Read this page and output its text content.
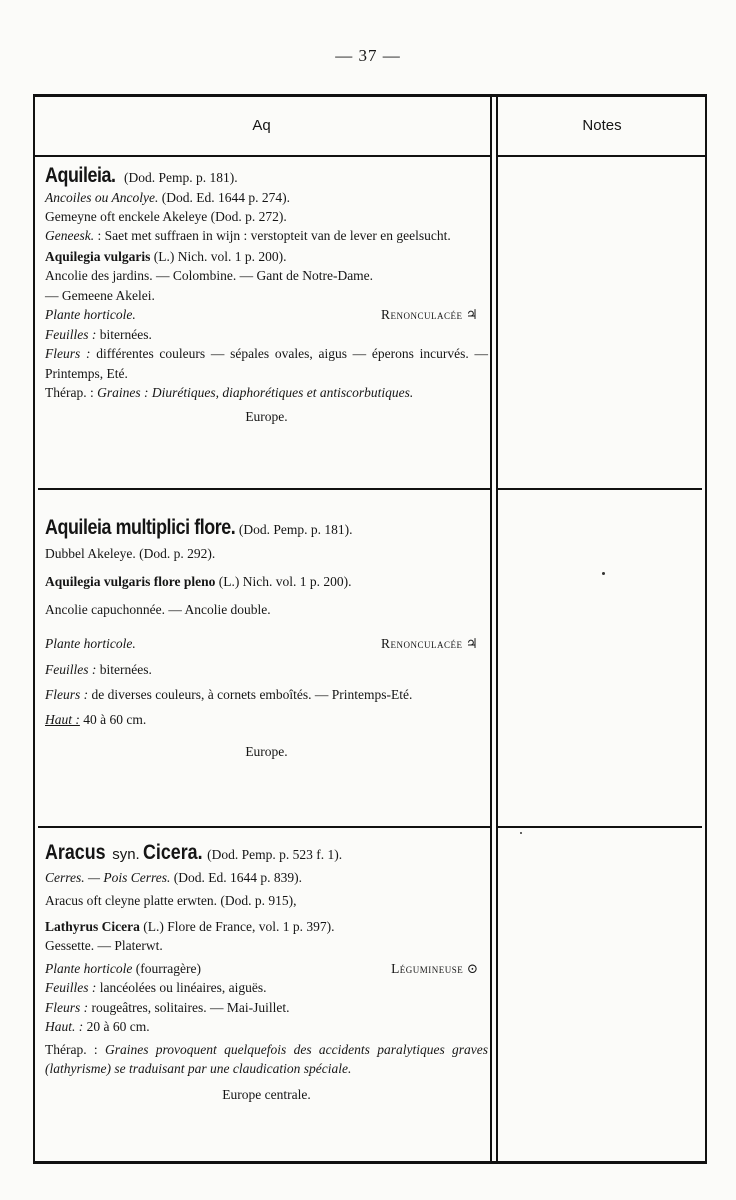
— 37 —
Aq	Notes

Aquileia. (Dod. Pemp. p. 181).

Ancoiles ou Ancolye. (Dod. Ed. 1644 p. 274).

Gemeyne oft enckele Akeleye (Dod. p. 272).

Geneesk. : Saet met suffraen in wijn : verstopteit van de lever en geelsucht.

Aquilegia vulgaris (L.) Nich. vol. 1 p. 200).

Ancolie des jardins. — Colombine. — Gant de Notre-Dame.

— Gemeene Akelei.

Plante horticole.	Renonculacée ♃

Feuilles : biternées.

Fleurs : différentes couleurs — sépales ovales, aigus — éperons incurvés. — Printemps, Eté.

Thérap. : Graines : Diurétiques, diaphorétiques et antiscorbutiques.

Europe.

Aquileia multiplici flore. (Dod. Pemp. p. 181).

Dubbel Akeleye. (Dod. p. 292).

Aquilegia vulgaris flore pleno (L.) Nich. vol. 1 p. 200).

Ancolie capuchonnée. — Ancolie double.

Plante horticole.	Renonculacée ♃

Feuilles : biternées.

Fleurs : de diverses couleurs, à cornets emboîtés. — Printemps-Eté.

Haut : 40 à 60 cm.

Europe.

Aracus syn. Cicera. (Dod. Pemp. p. 523 f. 1).

Cerres. — Pois Cerres. (Dod. Ed. 1644 p. 839).

Aracus oft cleyne platte erwten. (Dod. p. 915),

Lathyrus Cicera (L.) Flore de France, vol. 1 p. 397).

Gessette. — Platerwt.

Plante horticole (fourragère)	Légumineuse ⊙

Feuilles : lancéolées ou linéaires, aiguës.

Fleurs : rougeâtres, solitaires. — Mai-Juillet.

Haut. : 20 à 60 cm.

Thérap. : Graines provoquent quelquefois des accidents paralytiques graves (lathyrisme) se traduisant par une claudication spéciale.

Europe centrale.
